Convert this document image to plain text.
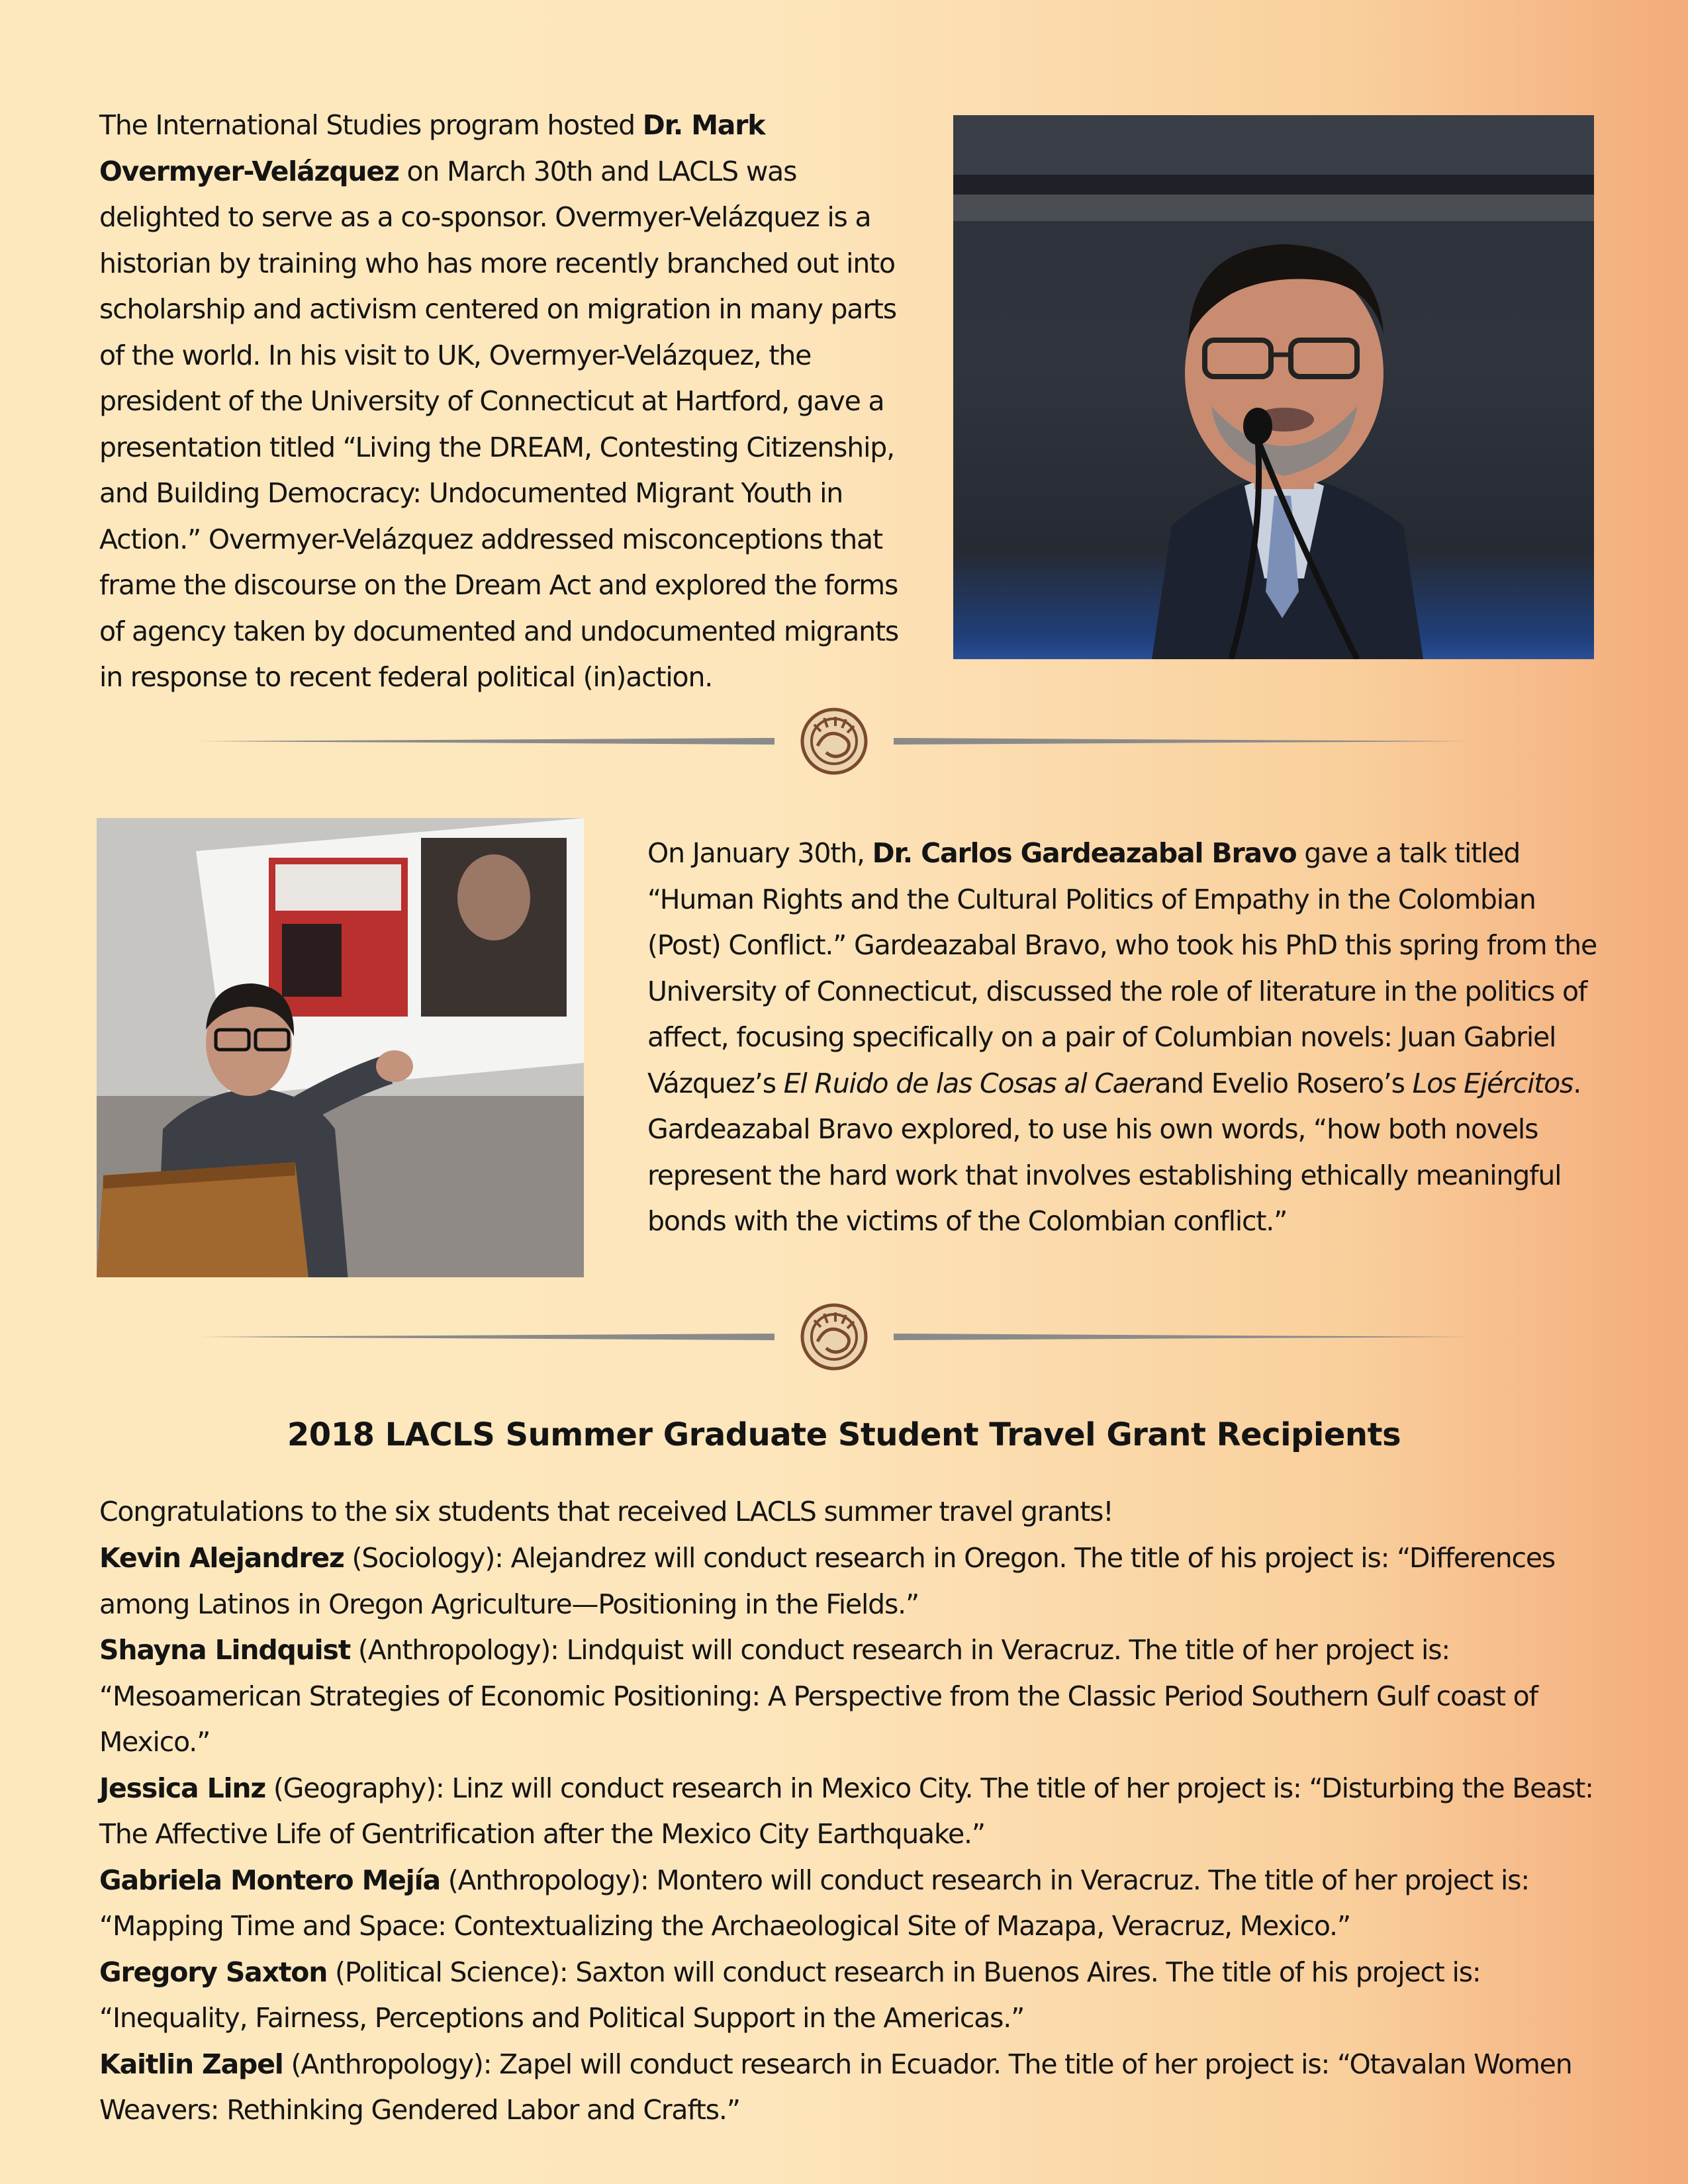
The International Studies program hosted Dr. Mark Overmyer-Velázquez on March 30th and LACLS was delighted to serve as a co-sponsor. Overmyer-Velázquez is a historian by training who has more recently branched out into scholarship and activism centered on migration in many parts of the world. In his visit to UK, Overmyer-Velázquez, the president of the University of Connecticut at Hartford, gave a presentation titled “Living the DREAM, Contesting Citizenship, and Building Democracy: Undocumented Migrant Youth in Action.” Overmyer-Velázquez addressed misconceptions that frame the discourse on the Dream Act and explored the forms of agency taken by documented and undocumented migrants in response to recent federal political (in)action.

On January 30th, Dr. Carlos Gardeazabal Bravo gave a talk titled “Human Rights and the Cultural Politics of Empathy in the Colombian (Post) Conflict.” Gardeazabal Bravo, who took his PhD this spring from the University of Connecticut, discussed the role of literature in the politics of affect, focusing specifically on a pair of Columbian novels: Juan Gabriel Vázquez’s El Ruido de las Cosas al Caerand Evelio Rosero’s Los Ejércitos. Gardeazabal Bravo explored, to use his own words, “how both novels represent the hard work that involves establishing ethically meaningful bonds with the victims of the Colombian conflict.”

2018 LACLS Summer Graduate Student Travel Grant Recipients

Congratulations to the six students that received LACLS summer travel grants!

Kevin Alejandrez (Sociology): Alejandrez will conduct research in Oregon. The title of his project is: “Differences among Latinos in Oregon Agriculture—Positioning in the Fields.”

Shayna Lindquist (Anthropology): Lindquist will conduct research in Veracruz. The title of her project is: “Mesoamerican Strategies of Economic Positioning: A Perspective from the Classic Period Southern Gulf coast of Mexico.”

Jessica Linz (Geography): Linz will conduct research in Mexico City. The title of her project is: “Disturbing the Beast: The Affective Life of Gentrification after the Mexico City Earthquake.”

Gabriela Montero Mejía (Anthropology): Montero will conduct research in Veracruz. The title of her project is: “Mapping Time and Space: Contextualizing the Archaeological Site of Mazapa, Veracruz, Mexico.”

Gregory Saxton (Political Science): Saxton will conduct research in Buenos Aires. The title of his project is: “Inequality, Fairness, Perceptions and Political Support in the Americas.”

Kaitlin Zapel (Anthropology): Zapel will conduct research in Ecuador. The title of her project is: “Otavalan Women Weavers: Rethinking Gendered Labor and Crafts.”
